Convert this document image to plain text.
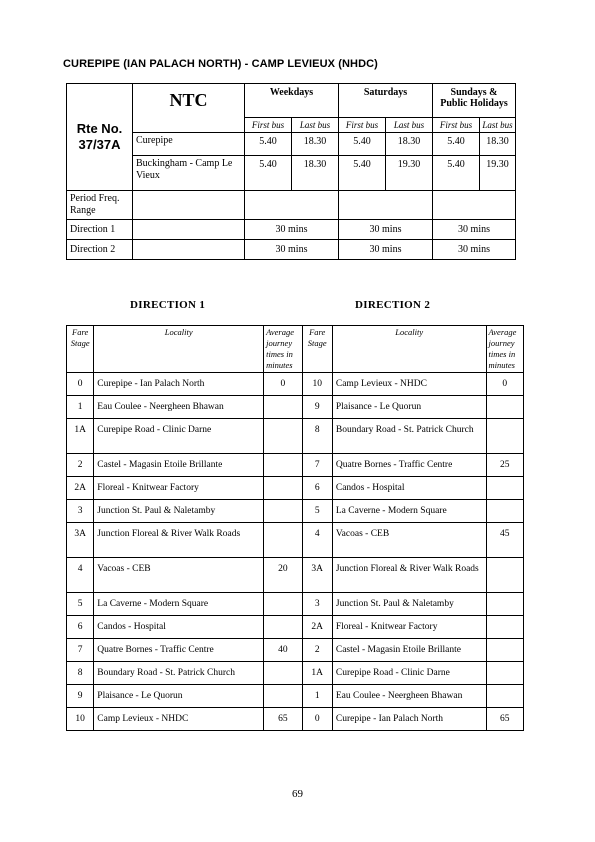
CUREPIPE (IAN PALACH NORTH) - CAMP LEVIEUX (NHDC)
Rte No.
37/37A	NTC	Weekdays		Saturdays		Sundays &
Public Holidays	
		First bus	Last bus	First bus	Last bus	First bus	Last bus
	Curepipe	5.40	18.30	5.40	18.30	5.40	18.30
	Buckingham - Camp Le Vieux	5.40	18.30	5.40	19.30	5.40	19.30
Period Freq. Range							
Direction 1		30 mins		30 mins		30 mins	
Direction 2		30 mins		30 mins		30 mins	
DIRECTION 1	DIRECTION 2
Fare Stage	Locality	Average journey times in minutes	Fare Stage	Locality	Average journey times in minutes
0	Curepipe - Ian Palach North	0	10	Camp Levieux - NHDC	0
1	Eau Coulee - Neergheen Bhawan		9	Plaisance - Le Quorun	
1A	Curepipe Road - Clinic Darne		8	Boundary Road - St. Patrick Church	
2	Castel - Magasin Etoile Brillante		7	Quatre Bornes - Traffic Centre	25
2A	Floreal - Knitwear Factory		6	Candos - Hospital	
3	Junction St. Paul & Naletamby		5	La Caverne - Modern Square	
3A	Junction Floreal & River Walk Roads		4	Vacoas - CEB	45
4	Vacoas - CEB	20	3A	Junction Floreal & River Walk Roads	
5	La Caverne - Modern Square		3	Junction St. Paul & Naletamby	
6	Candos - Hospital		2A	Floreal - Knitwear Factory	
7	Quatre Bornes - Traffic Centre	40	2	Castel - Magasin Etoile Brillante	
8	Boundary Road - St. Patrick Church		1A	Curepipe Road - Clinic Darne	
9	Plaisance - Le Quorun		1	Eau Coulee - Neergheen Bhawan	
10	Camp Levieux - NHDC	65	0	Curepipe - Ian Palach North	65
69
